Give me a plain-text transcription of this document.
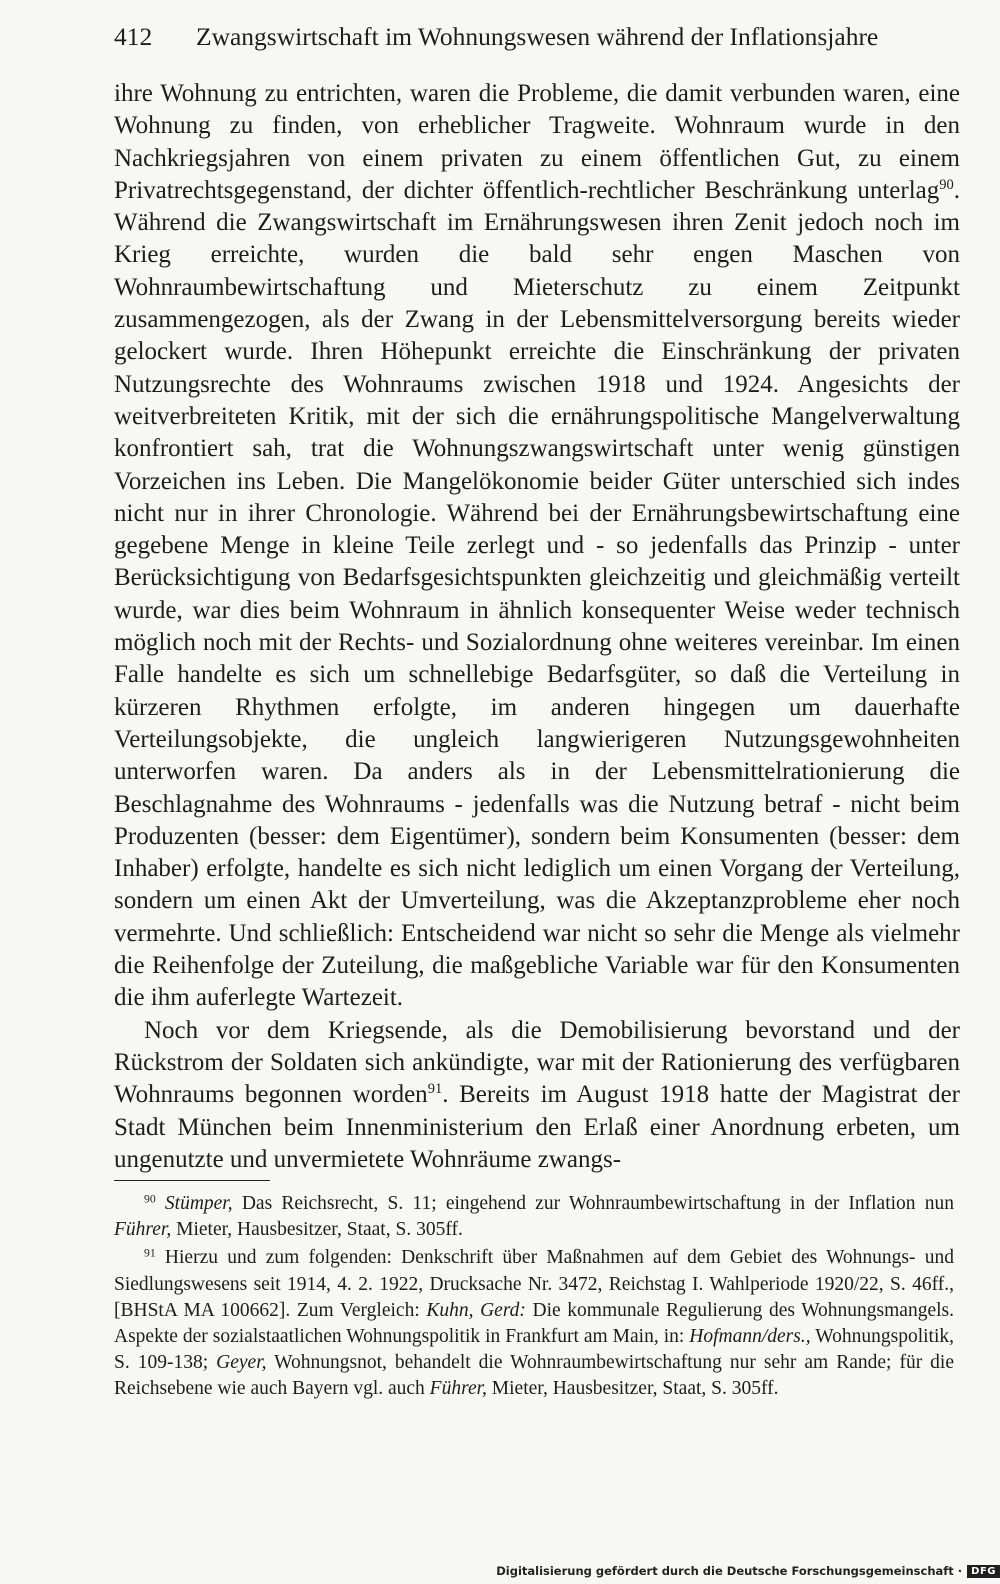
412 Zwangswirtschaft im Wohnungswesen während der Inflationsjahre

ihre Wohnung zu entrichten, waren die Probleme, die damit verbunden waren, eine Wohnung zu finden, von erheblicher Tragweite. Wohnraum wurde in den Nachkriegsjahren von einem privaten zu einem öffentlichen Gut, zu einem Privatrechtsgegenstand, der dichter öffentlich-rechtlicher Beschränkung unterlag$^{90}$. Während die Zwangswirtschaft im Ernährungswesen ihren Zenit jedoch noch im Krieg erreichte, wurden die bald sehr engen Maschen von Wohnraumbewirtschaftung und Mieterschutz zu einem Zeitpunkt zusammengezogen, als der Zwang in der Lebensmittelversorgung bereits wieder gelockert wurde. Ihren Höhepunkt erreichte die Einschränkung der privaten Nutzungsrechte des Wohnraums zwischen 1918 und 1924. Angesichts der weitverbreiteten Kritik, mit der sich die ernährungspolitische Mangelverwaltung konfrontiert sah, trat die Wohnungszwangswirtschaft unter wenig günstigen Vorzeichen ins Leben. Die Mangelökonomie beider Güter unterschied sich indes nicht nur in ihrer Chronologie. Während bei der Ernährungsbewirtschaftung eine gegebene Menge in kleine Teile zerlegt und - so jedenfalls das Prinzip - unter Berücksichtigung von Bedarfsgesichtspunkten gleichzeitig und gleichmäßig verteilt wurde, war dies beim Wohnraum in ähnlich konsequenter Weise weder technisch möglich noch mit der Rechts- und Sozialordnung ohne weiteres vereinbar. Im einen Falle handelte es sich um schnellebige Bedarfsgüter, so daß die Verteilung in kürzeren Rhythmen erfolgte, im anderen hingegen um dauerhafte Verteilungsobjekte, die ungleich langwierigeren Nutzungsgewohnheiten unterworfen waren. Da anders als in der Lebensmittelrationierung die Beschlagnahme des Wohnraums - jedenfalls was die Nutzung betraf - nicht beim Produzenten (besser: dem Eigentümer), sondern beim Konsumenten (besser: dem Inhaber) erfolgte, handelte es sich nicht lediglich um einen Vorgang der Verteilung, sondern um einen Akt der Umverteilung, was die Akzeptanzprobleme eher noch vermehrte. Und schließlich: Entscheidend war nicht so sehr die Menge als vielmehr die Reihenfolge der Zuteilung, die maßgebliche Variable war für den Konsumenten die ihm auferlegte Wartezeit.

Noch vor dem Kriegsende, als die Demobilisierung bevorstand und der Rückstrom der Soldaten sich ankündigte, war mit der Rationierung des verfügbaren Wohnraums begonnen worden$^{91}$. Bereits im August 1918 hatte der Magistrat der Stadt München beim Innenministerium den Erlaß einer Anordnung erbeten, um ungenutzte und unvermietete Wohnräume zwangs-

$^{90}$ Stümper, Das Reichsrecht, S. 11; eingehend zur Wohnraumbewirtschaftung in der Inflation nun Führer, Mieter, Hausbesitzer, Staat, S. 305ff.

$^{91}$ Hierzu und zum folgenden: Denkschrift über Maßnahmen auf dem Gebiet des Wohnungs- und Siedlungswesens seit 1914, 4. 2. 1922, Drucksache Nr. 3472, Reichstag I. Wahlperiode 1920/22, S. 46ff., [BHStA MA 100662]. Zum Vergleich: Kuhn, Gerd: Die kommunale Regulierung des Wohnungsmangels. Aspekte der sozialstaatlichen Wohnungspolitik in Frankfurt am Main, in: Hofmann/ders., Wohnungspolitik, S. 109-138; Geyer, Wohnungsnot, behandelt die Wohnraumbewirtschaftung nur sehr am Rande; für die Reichsebene wie auch Bayern vgl. auch Führer, Mieter, Hausbesitzer, Staat, S. 305ff.

Digitalisierung gefördert durch die Deutsche Forschungsgemeinschaft · DFG
